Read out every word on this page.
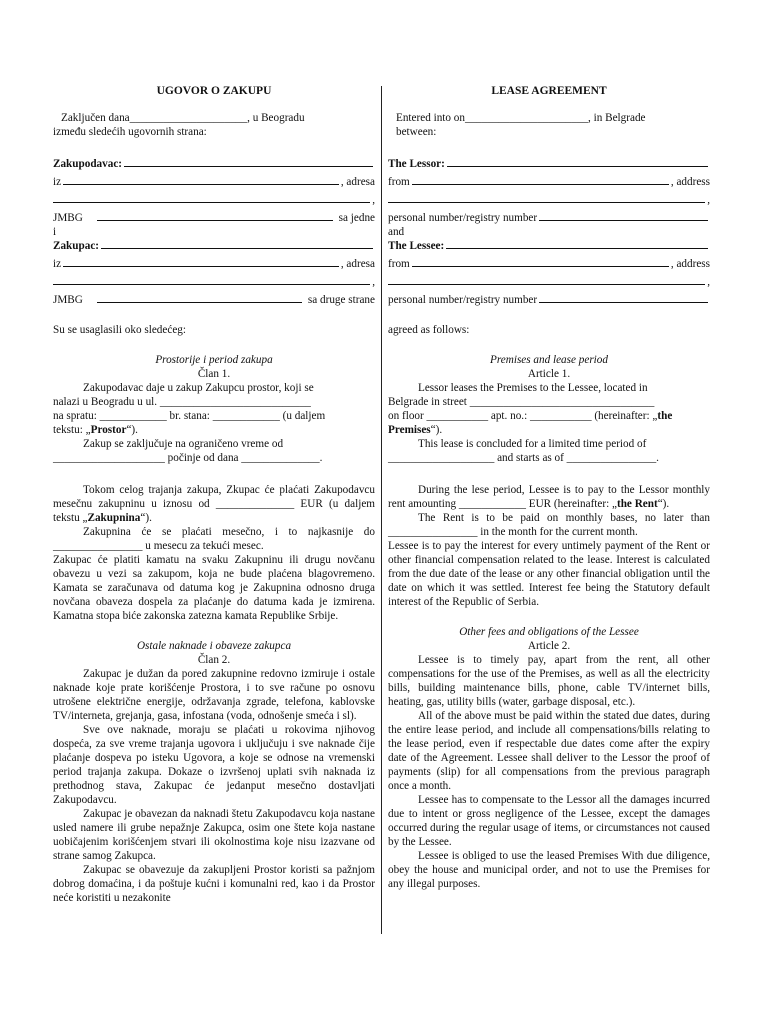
UGOVOR O ZAKUPU

Zaključen dana_____________________, u Beogradu

između sledećih ugovornih strana:

Zakupodavac:
iz	, adresa
,
JMBG	sa jedne

i

Zakupac:
iz	, adresa
,
JMBG	sa druge strane

Su se usaglasili oko sledećeg:

Prostorije i period zakupa

Član 1.

Zakupodavac daje u zakup Zakupcu prostor, koji se

nalazi u Beogradu u ul. ___________________________

na spratu: ____________ br. stana: ____________ (u daljem

tekstu: „Prostor“).

Zakup se zaključuje na ograničeno vreme od

____________________ počinje od dana ______________.

Tokom celog trajanja zakupa, Zkupac će plaćati Zakupodavcu mesečnu zakupninu u iznosu od ______________ EUR (u daljem tekstu „Zakupnina“).

Zakupnina će se plaćati mesečno, i to najkasnije do ________________ u mesecu za tekući mesec.

Zakupac će platiti kamatu na svaku Zakupninu ili drugu novčanu obavezu u vezi sa zakupom, koja ne bude plaćena blagovremeno. Kamata se zaračunava od datuma kog je Zakupnina odnosno druga novčana obaveza dospela za plaćanje do datuma kada je izmirena. Kamatna stopa biće zakonska zatezna kamata Republike Srbije.

Ostale naknade i obaveze zakupca

Član 2.

Zakupac je dužan da pored zakupnine redovno izmiruje i ostale naknade koje prate korišćenje Prostora, i to sve račune po osnovu utrošene električne energije, održavanja zgrade, telefona, kablovske TV/interneta, grejanja, gasa, infostana (voda, odnošenje smeća i sl).

Sve ove naknade, moraju se plaćati u rokovima njihovog dospeća, za sve vreme trajanja ugovora i uključuju i sve naknade čije plaćanje dospeva po isteku Ugovora, a koje se odnose na vremenski period trajanja zakupa. Dokaze o izvršenoj uplati svih naknada iz prethodnog stava, Zakupac će jedanput mesečno dostavljati Zakupodavcu.

Zakupac je obavezan da naknadi štetu Zakupodavcu koja nastane usled namere ili grube nepažnje Zakupca, osim one štete koja nastane uobičajenim korišćenjem stvari ili okolnostima koje nisu izazvane od strane samog Zakupca.

Zakupac se obavezuje da zakupljeni Prostor koristi sa pažnjom dobrog domaćina, i da poštuje kućni i komunalni red, kao i da Prostor neće koristiti u nezakonite

LEASE AGREEMENT

Entered into on______________________, in Belgrade

between:

The Lessor:
from	, address
,
personal number/registry number

and

The Lessee:
from	, address
,
personal number/registry number

agreed as follows:

Premises and lease period

Article 1.

Lessor leases the Premises to the Lessee, located in

Belgrade in street _________________________________

on floor ___________ apt. no.: ___________ (hereinafter: „the

Premises“).

This lease is concluded for a limited time period of

___________________ and starts as of ________________.

During the lese period, Lessee is to pay to the Lessor monthly rent amounting ____________ EUR (hereinafter: „the Rent“).

The Rent is to be paid on monthly bases, no later than ________________ in the month for the current month.

Lessee is to pay the interest for every untimely payment of the Rent or other financial compensation related to the lease. Interest is calculated from the due date of the lease or any other financial obligation until the date on which it was settled. Interest fee being the Statutory default interest of the Republic of Serbia.

Other fees and obligations of the Lessee

Article 2.

Lessee is to timely pay, apart from the rent, all other compensations for the use of the Premises, as well as all the electricity bills, building maintenance bills, phone, cable TV/internet bills, heating, gas, utility bills (water, garbage disposal, etc.).

All of the above must be paid within the stated due dates, during the entire lease period, and include all compensations/bills relating to the lease period, even if respectable due dates come after the expiry date of the Agreement. Lessee shall deliver to the Lessor the proof of payments (slip) for all compensations from the previous paragraph once a month.

Lessee has to compensate to the Lessor all the damages incurred due to intent or gross negligence of the Lessee, except the damages occurred during the regular usage of items, or circumstances not caused by the Lessee.

Lessee is obliged to use the leased Premises With due diligence, obey the house and municipal order, and not to use the Premises for any illegal purposes.
